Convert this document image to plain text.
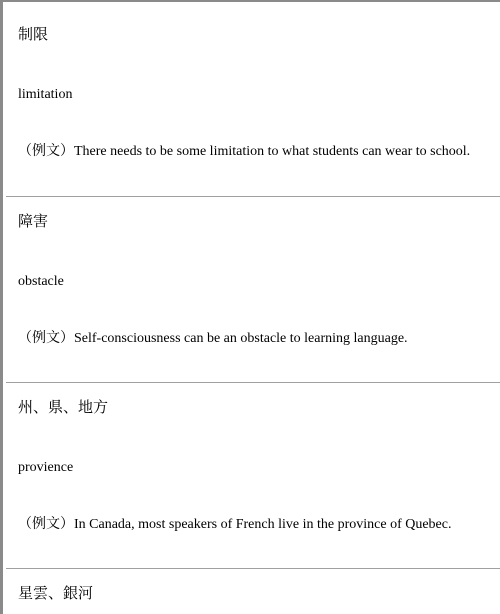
制限
limitation
（例文）There needs to be some limitation to what students can wear to school.
障害
obstacle
（例文）Self-consciousness can be an obstacle to learning language.
州、県、地方
provience
（例文）In Canada, most speakers of French live in the province of Quebec.
星雲、銀河
